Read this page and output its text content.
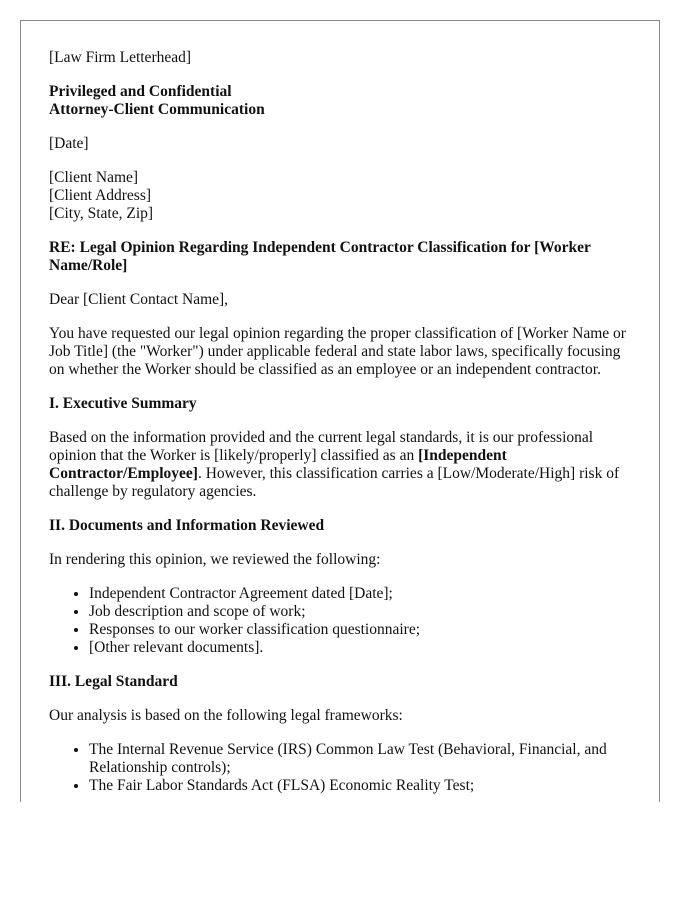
[Law Firm Letterhead]
Privileged and Confidential
Attorney-Client Communication
[Date]
[Client Name]
[Client Address]
[City, State, Zip]
RE: Legal Opinion Regarding Independent Contractor Classification for [Worker Name/Role]
Dear [Client Contact Name],
You have requested our legal opinion regarding the proper classification of [Worker Name or Job Title] (the "Worker") under applicable federal and state labor laws, specifically focusing on whether the Worker should be classified as an employee or an independent contractor.
I. Executive Summary
Based on the information provided and the current legal standards, it is our professional opinion that the Worker is [likely/properly] classified as an [Independent Contractor/Employee]. However, this classification carries a [Low/Moderate/High] risk of challenge by regulatory agencies.
II. Documents and Information Reviewed
In rendering this opinion, we reviewed the following:
• Independent Contractor Agreement dated [Date];
• Job description and scope of work;
• Responses to our worker classification questionnaire;
• [Other relevant documents].
III. Legal Standard
Our analysis is based on the following legal frameworks:
• The Internal Revenue Service (IRS) Common Law Test (Behavioral, Financial, and Relationship controls);
• The Fair Labor Standards Act (FLSA) Economic Reality Test;
